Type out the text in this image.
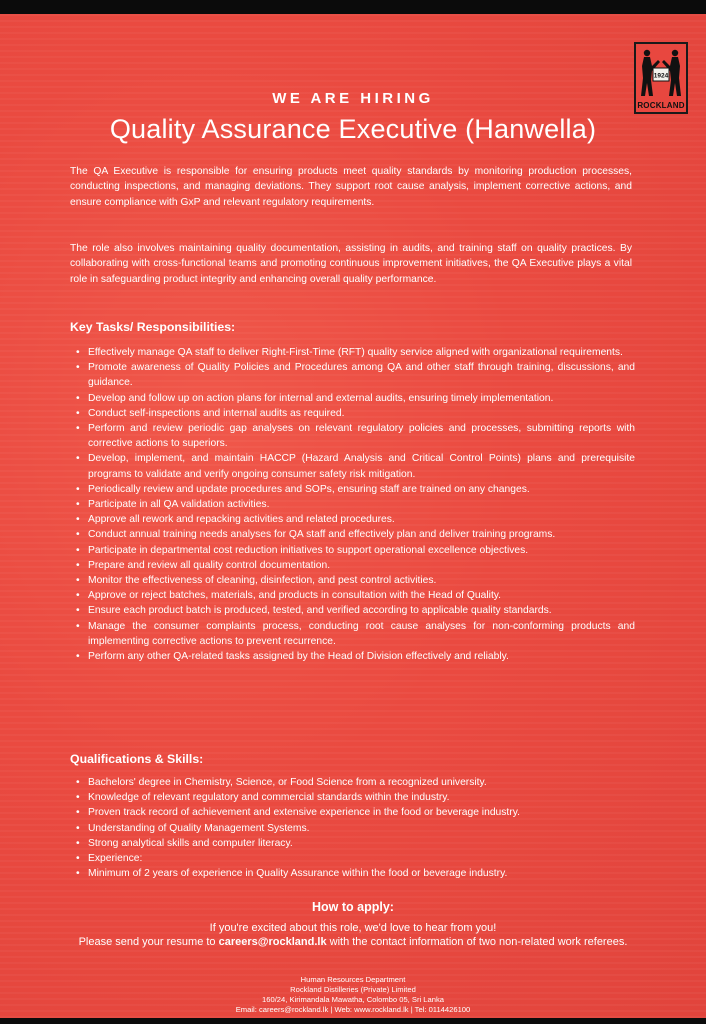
1924
ROCKLAND
WE ARE HIRING
Quality Assurance Executive (Hanwella)

The QA Executive is responsible for ensuring products meet quality standards by monitoring production processes, conducting inspections, and managing deviations. They support root cause analysis, implement corrective actions, and ensure compliance with GxP and relevant regulatory requirements.

The role also involves maintaining quality documentation, assisting in audits, and training staff on quality practices. By collaborating with cross-functional teams and promoting continuous improvement initiatives, the QA Executive plays a vital role in safeguarding product integrity and enhancing overall quality performance.

Key Tasks/ Responsibilities:
• Effectively manage QA staff to deliver Right-First-Time (RFT) quality service aligned with organizational requirements.
• Promote awareness of Quality Policies and Procedures among QA and other staff through training, discussions, and guidance.
• Develop and follow up on action plans for internal and external audits, ensuring timely implementation.
• Conduct self-inspections and internal audits as required.
• Perform and review periodic gap analyses on relevant regulatory policies and processes, submitting reports with corrective actions to superiors.
• Develop, implement, and maintain HACCP (Hazard Analysis and Critical Control Points) plans and prerequisite programs to validate and verify ongoing consumer safety risk mitigation.
• Periodically review and update procedures and SOPs, ensuring staff are trained on any changes.
• Participate in all QA validation activities.
• Approve all rework and repacking activities and related procedures.
• Conduct annual training needs analyses for QA staff and effectively plan and deliver training programs.
• Participate in departmental cost reduction initiatives to support operational excellence objectives.
• Prepare and review all quality control documentation.
• Monitor the effectiveness of cleaning, disinfection, and pest control activities.
• Approve or reject batches, materials, and products in consultation with the Head of Quality.
• Ensure each product batch is produced, tested, and verified according to applicable quality standards.
• Manage the consumer complaints process, conducting root cause analyses for non-conforming products and implementing corrective actions to prevent recurrence.
• Perform any other QA-related tasks assigned by the Head of Division effectively and reliably.
Qualifications & Skills:
• Bachelors' degree in Chemistry, Science, or Food Science from a recognized university.
• Knowledge of relevant regulatory and commercial standards within the industry.
• Proven track record of achievement and extensive experience in the food or beverage industry.
• Understanding of Quality Management Systems.
• Strong analytical skills and computer literacy.
• Experience:
• Minimum of 2 years of experience in Quality Assurance within the food or beverage industry.
How to apply:
If you're excited about this role, we'd love to hear from you!
Please send your resume to careers@rockland.lk with the contact information of two non-related work referees.
Human Resources Department
Rockland Distilleries (Private) Limited
160/24, Kirimandala Mawatha, Colombo 05, Sri Lanka
Email: careers@rockland.lk | Web: www.rockland.lk | Tel: 0114426100
